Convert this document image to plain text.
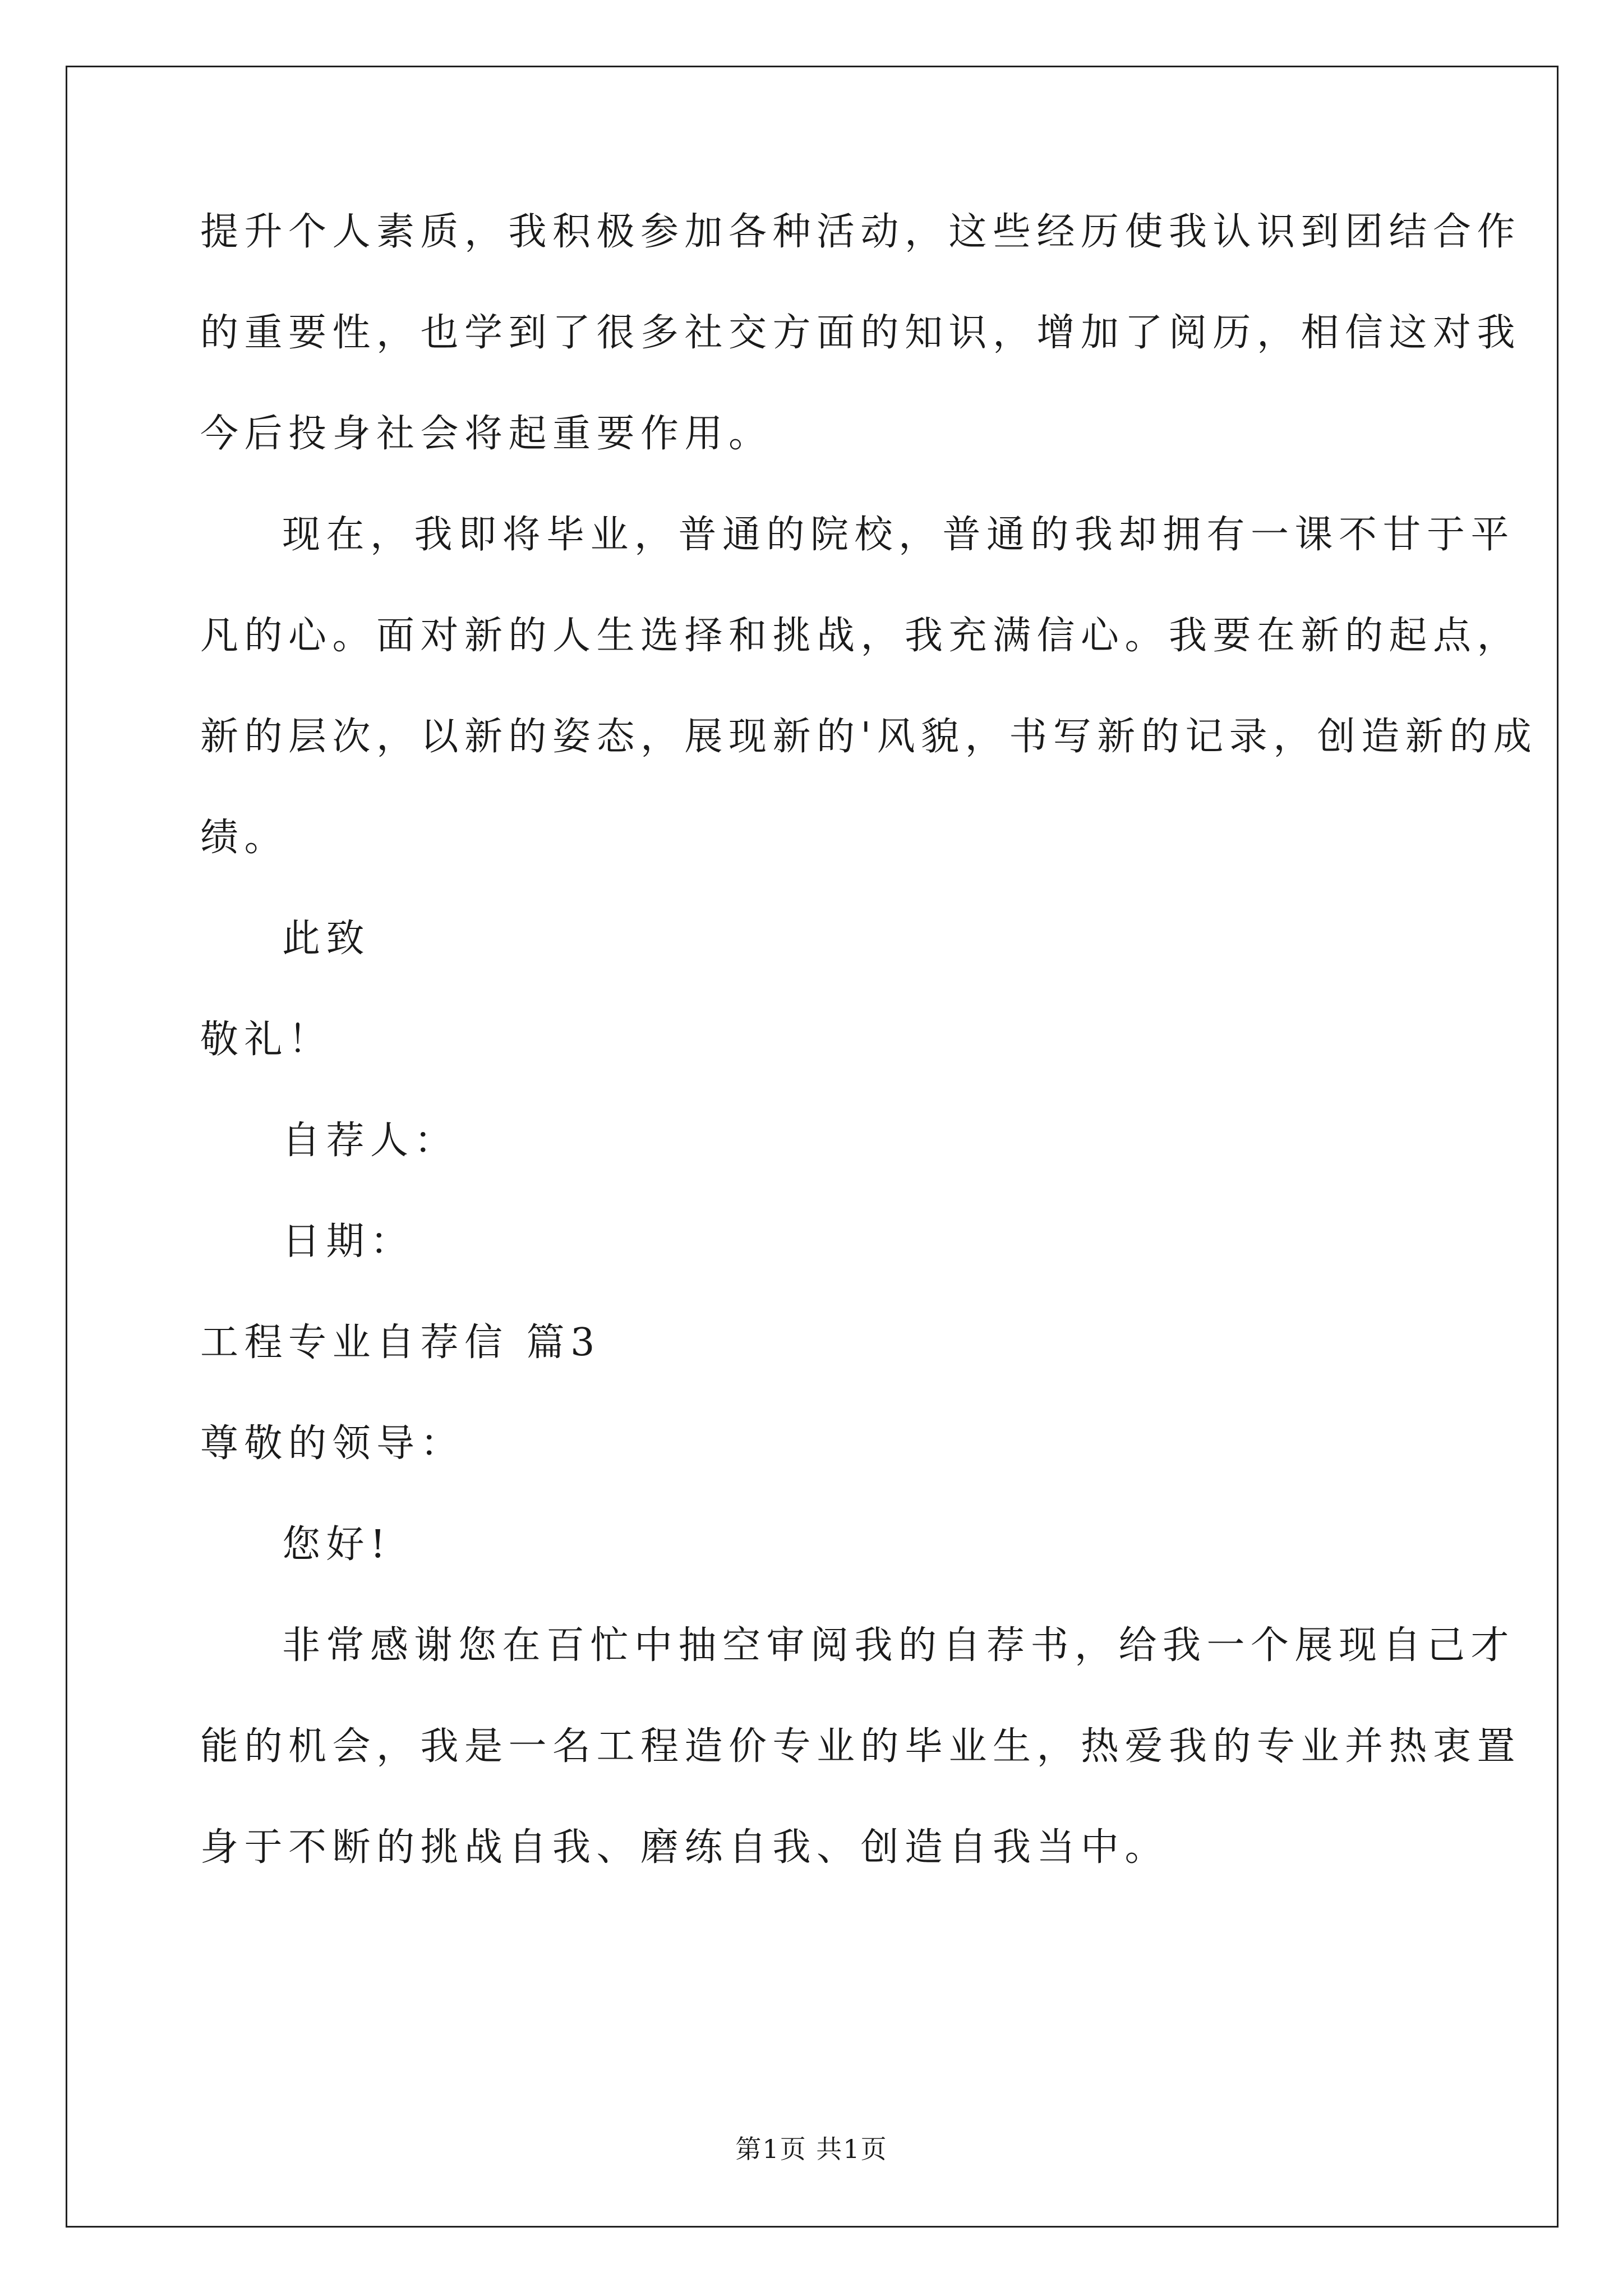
提升个人素质，我积极参加各种活动，这些经历使我认识到团结合作
的重要性，也学到了很多社交方面的知识，增加了阅历，相信这对我
今后投身社会将起重要作用。
现在，我即将毕业，普通的院校，普通的我却拥有一课不甘于平
凡的心。面对新的人生选择和挑战，我充满信心。我要在新的起点，
新的层次，以新的姿态，展现新的'风貌，书写新的记录，创造新的成
绩。
此致
敬礼！
自荐人：
日期：
工程专业自荐信 篇3
尊敬的领导：
您好!
非常感谢您在百忙中抽空审阅我的自荐书，给我一个展现自己才
能的机会，我是一名工程造价专业的毕业生，热爱我的专业并热衷置
身于不断的挑战自我、磨练自我、创造自我当中。
第1页 共1页
